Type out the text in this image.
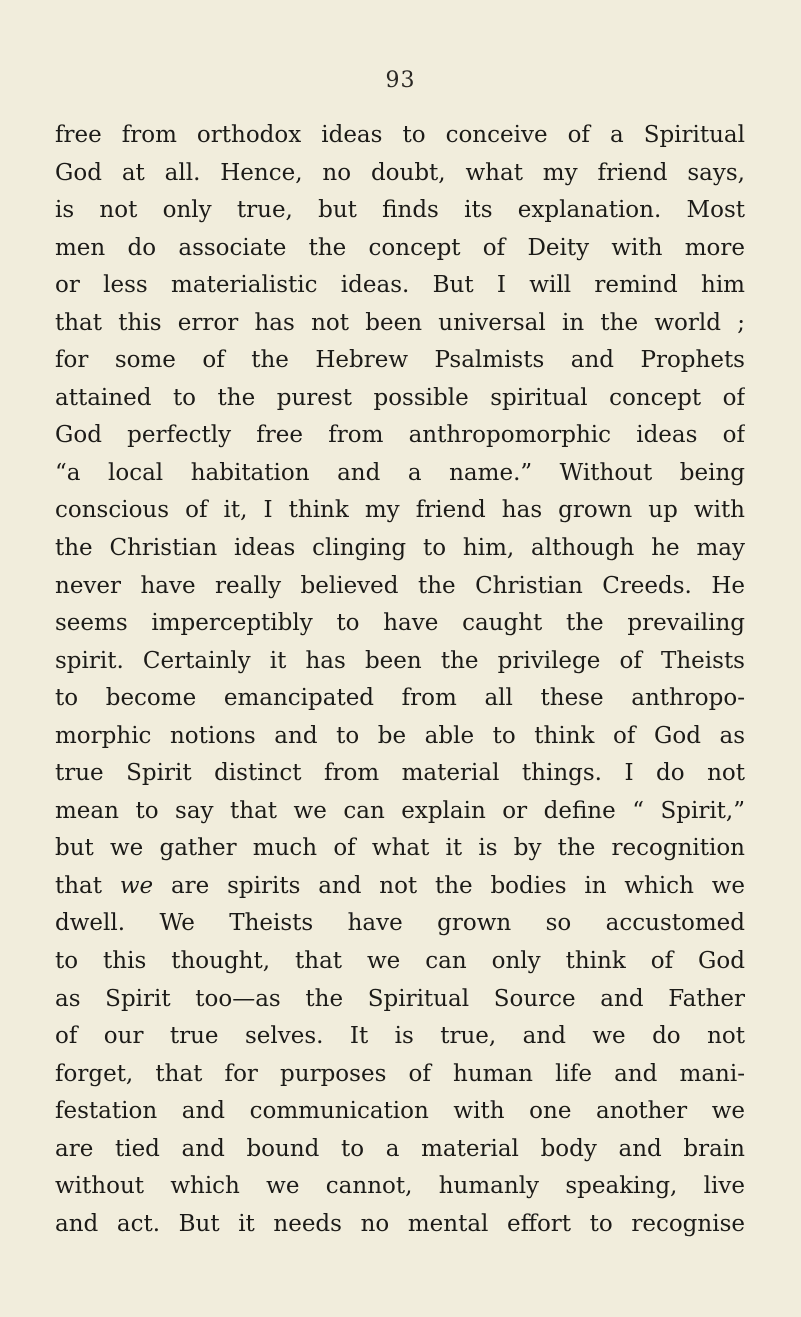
93
free from orthodox ideas to conceive of a Spiritual
God at all. Hence, no doubt, what my friend says,
is not only true, but finds its explanation. Most
men do associate the concept of Deity with more
or less materialistic ideas. But I will remind him
that this error has not been universal in the world ;
for some of the Hebrew Psalmists and Prophets
attained to the purest possible spiritual concept of
God perfectly free from anthropomorphic ideas of
“a local habitation and a name.” Without being
conscious of it, I think my friend has grown up with
the Christian ideas clinging to him, although he may
never have really believed the Christian Creeds. He
seems imperceptibly to have caught the prevailing
spirit. Certainly it has been the privilege of Theists
to become emancipated from all these anthropo-
morphic notions and to be able to think of God as
true Spirit distinct from material things. I do not
mean to say that we can explain or define “ Spirit,”
but we gather much of what it is by the recognition
that we are spirits and not the bodies in which we
dwell. We Theists have grown so accustomed
to this thought, that we can only think of God
as Spirit too—as the Spiritual Source and Father
of our true selves. It is true, and we do not
forget, that for purposes of human life and mani-
festation and communication with one another we
are tied and bound to a material body and brain
without which we cannot, humanly speaking, live
and act. But it needs no mental effort to recognise
